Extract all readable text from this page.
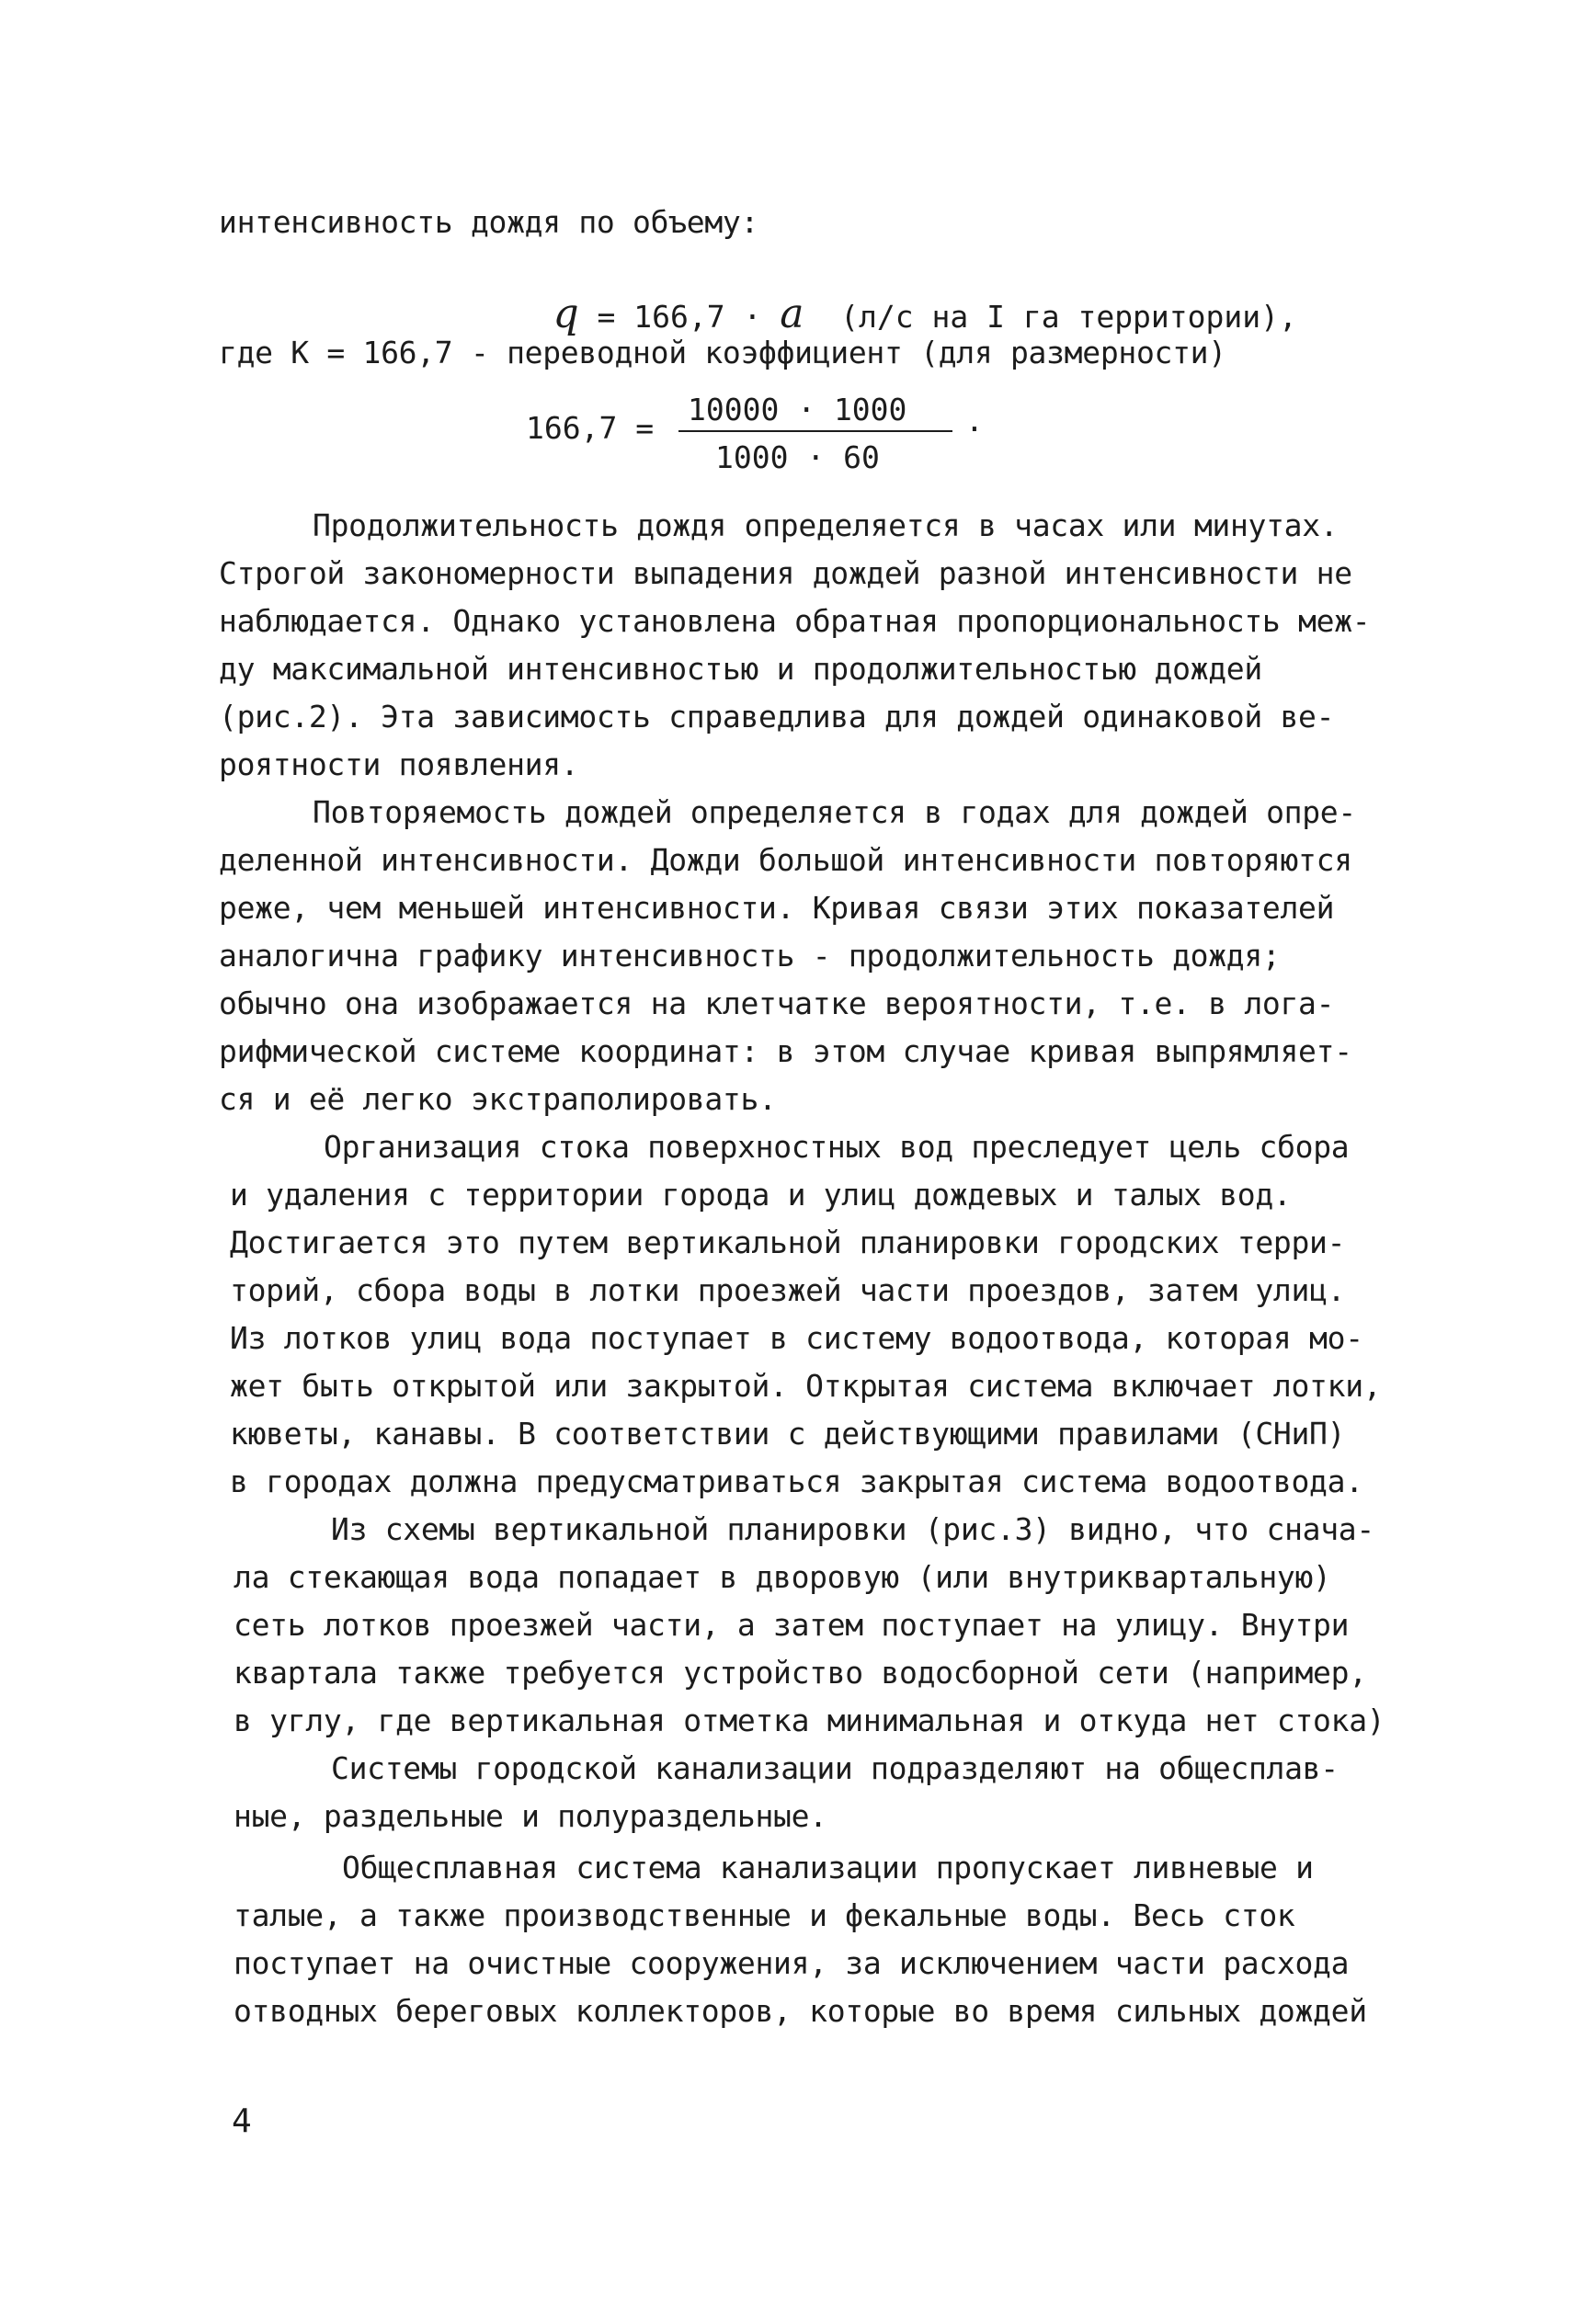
интенсивность дождя по объему:

q = 166,7 · a  (л/с на I га территории),

где K = 166,7 - переводной коэффициент (для размерности)
166,7 =
10000 · 1000
1000 · 60
.
Продолжительность дождя определяется в часах или минутах.
Строгой закономерности выпадения дождей разной интенсивности не
наблюдается. Однако установлена обратная пропорциональность меж-
ду максимальной интенсивностью и продолжительностью дождей
(рис.2). Эта зависимость справедлива для дождей одинаковой ве-
роятности появления.
Повторяемость дождей определяется в годах для дождей опре-
деленной интенсивности. Дожди большой интенсивности повторяются
реже, чем меньшей интенсивности. Кривая связи этих показателей
аналогична графику интенсивность - продолжительность дождя;
обычно она изображается на клетчатке вероятности, т.е. в лога-
рифмической системе координат: в этом случае кривая выпрямляет-
ся и её легко экстраполировать.
Организация стока поверхностных вод преследует цель сбора
и удаления с территории города и улиц дождевых и талых вод.
Достигается это путем вертикальной планировки городских терри-
торий, сбора воды в лотки проезжей части проездов, затем улиц.
Из лотков улиц вода поступает в систему водоотвода, которая мо-
жет быть открытой или закрытой. Открытая система включает лотки,
кюветы, канавы. В соответствии с действующими правилами (СНиП)
в городах должна предусматриваться закрытая система водоотвода.
Из схемы вертикальной планировки (рис.3) видно, что снача-
ла стекающая вода попадает в дворовую (или внутриквартальную)
сеть лотков проезжей части, а затем поступает на улицу. Внутри
квартала также требуется устройство водосборной сети (например,
в углу, где вертикальная отметка минимальная и откуда нет стока)
Системы городской канализации подразделяют на общесплав-
ные, раздельные и полураздельные.
Общесплавная система канализации пропускает ливневые и
талые, а также производственные и фекальные воды. Весь сток
поступает на очистные сооружения, за исключением части расхода
отводных береговых коллекторов, которые во время сильных дождей
4
